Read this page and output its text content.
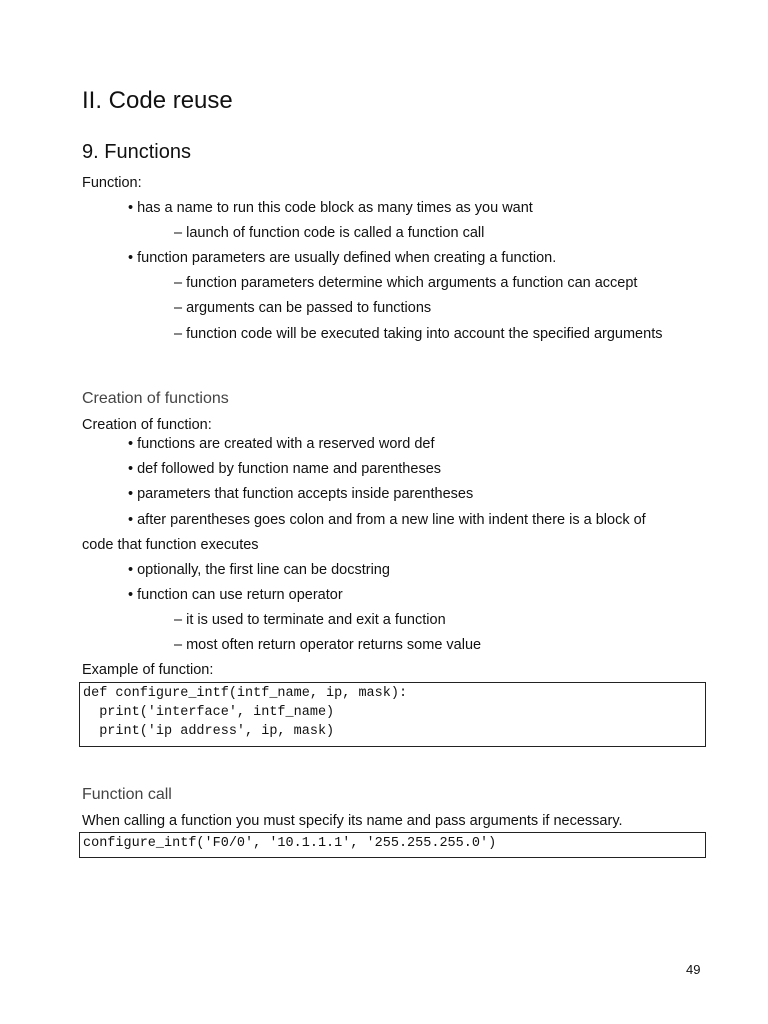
II. Code reuse
9. Functions
Function:
• has a name to run this code block as many times as you want
– launch of function code is called a function call
• function parameters are usually defined when creating a function.
– function parameters determine which arguments a function can accept
– arguments can be passed to functions
– function code will be executed taking into account the specified arguments
Creation of functions
Creation of function:
• functions are created with a reserved word def
• def followed by function name and parentheses
• parameters that function accepts inside parentheses
• after parentheses goes colon and from a new line with indent there is a block of
code that function executes
• optionally, the first line can be docstring
• function can use return operator
– it is used to terminate and exit a function
– most often return operator returns some value
Example of function:
def configure_intf(intf_name, ip, mask):
print('interface', intf_name)
print('ip address', ip, mask)
Function call
When calling a function you must specify its name and pass arguments if necessary.
configure_intf('F0/0', '10.1.1.1', '255.255.255.0')
49
